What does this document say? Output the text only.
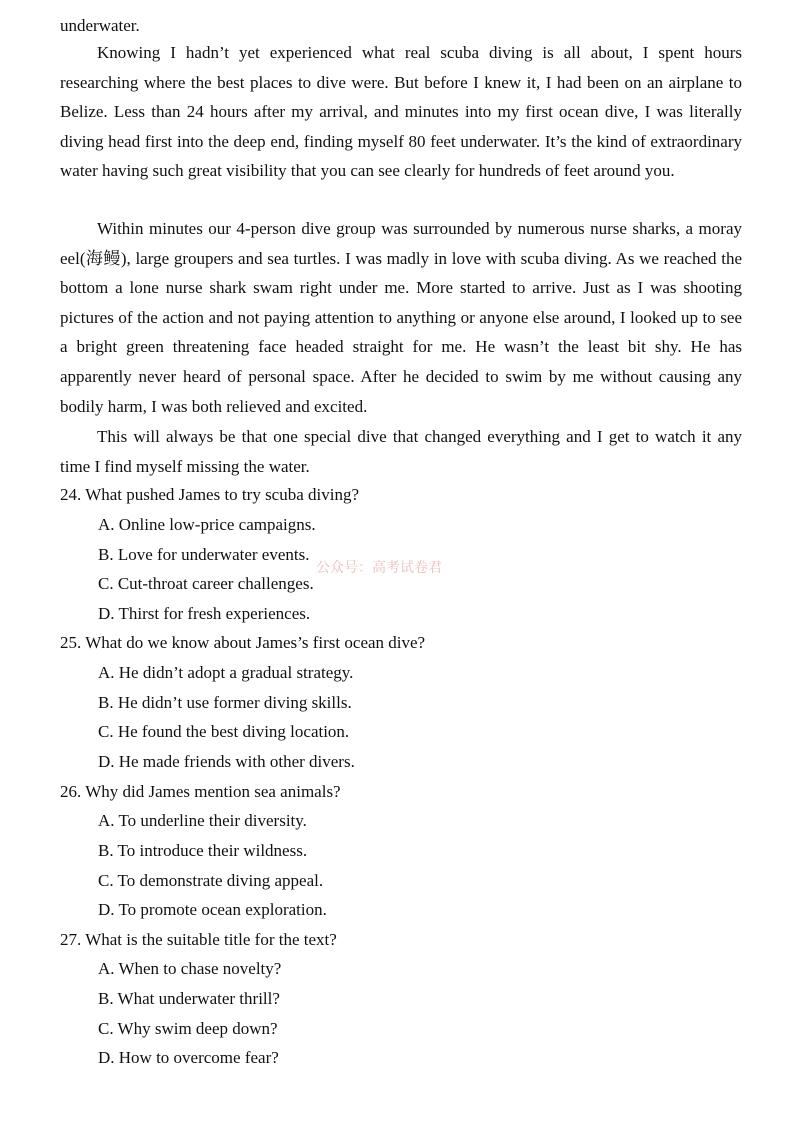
underwater.

Knowing I hadn’t yet experienced what real scuba diving is all about, I spent hours researching where the best places to dive were. But before I knew it, I had been on an airplane to Belize. Less than 24 hours after my arrival, and minutes into my first ocean dive, I was literally diving head first into the deep end, finding myself 80 feet underwater. It’s the kind of extraordinary water having such great visibility that you can see clearly for hundreds of feet around you.

Within minutes our 4-person dive group was surrounded by numerous nurse sharks, a moray eel(海鳗), large groupers and sea turtles. I was madly in love with scuba diving. As we reached the bottom a lone nurse shark swam right under me. More started to arrive. Just as I was shooting pictures of the action and not paying attention to anything or anyone else around, I looked up to see a bright green threatening face headed straight for me. He wasn’t the least bit shy. He has apparently never heard of personal space. After he decided to swim by me without causing any bodily harm, I was both relieved and excited.

This will always be that one special dive that changed everything and I get to watch it any time I find myself missing the water.

24. What pushed James to try scuba diving?
A. Online low-price campaigns.
B. Love for underwater events.
C. Cut-throat career challenges.
D. Thirst for fresh experiences.
25. What do we know about James’s first ocean dive?
A. He didn’t adopt a gradual strategy.
B. He didn’t use former diving skills.
C. He found the best diving location.
D. He made friends with other divers.
26. Why did James mention sea animals?
A. To underline their diversity.
B. To introduce their wildness.
C. To demonstrate diving appeal.
D. To promote ocean exploration.
27. What is the suitable title for the text?
A. When to chase novelty?
B. What underwater thrill?
C. Why swim deep down?
D. How to overcome fear?
公众号：高考试卷君
